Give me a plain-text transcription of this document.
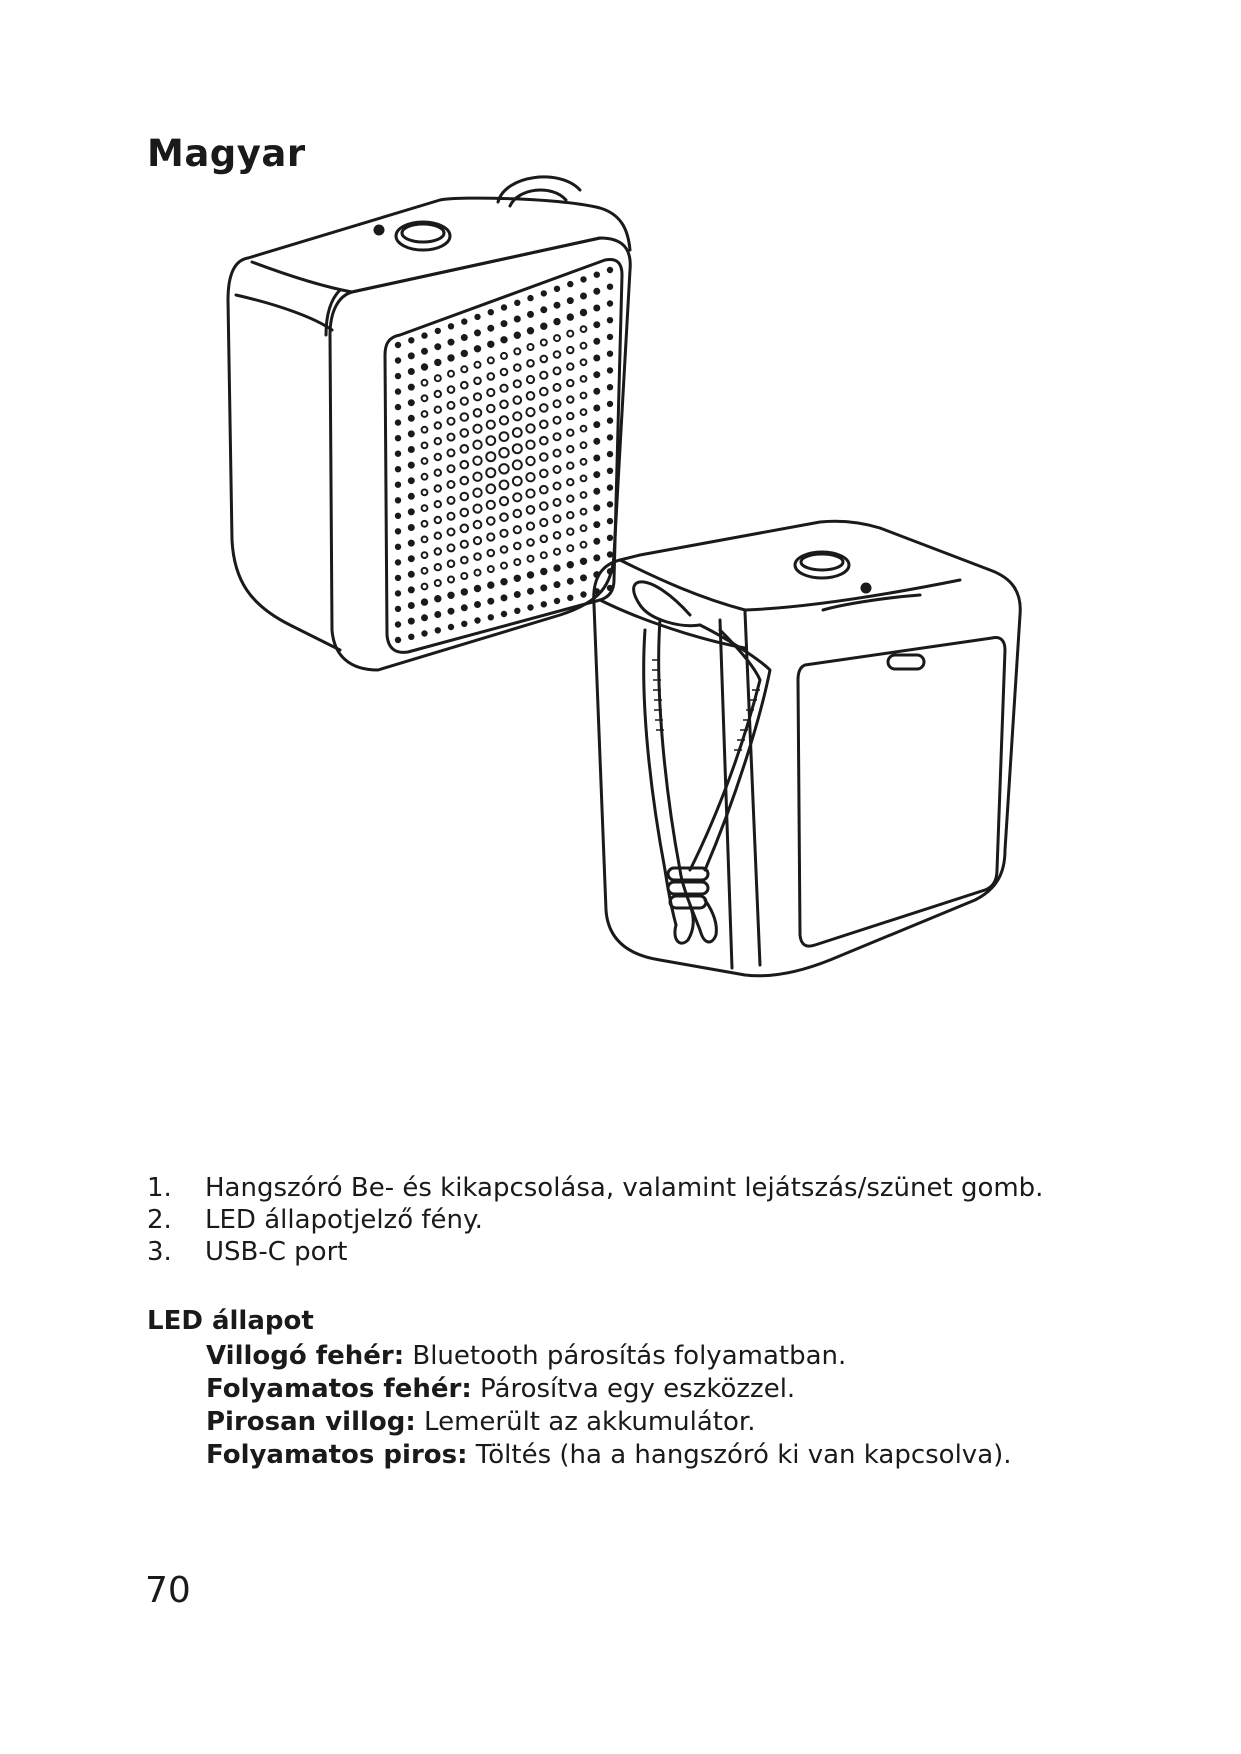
Magyar
1.	Hangszóró Be- és kikapcsolása, valamint lejátszás/szünet gomb.
2.	LED állapotjelző fény.
3.	USB-C port
LED állapot
Villogó fehér: Bluetooth párosítás folyamatban.
Folyamatos fehér: Párosítva egy eszközzel.
Pirosan villog: Lemerült az akkumulátor.
Folyamatos piros: Töltés (ha a hangszóró ki van kapcsolva).
70
